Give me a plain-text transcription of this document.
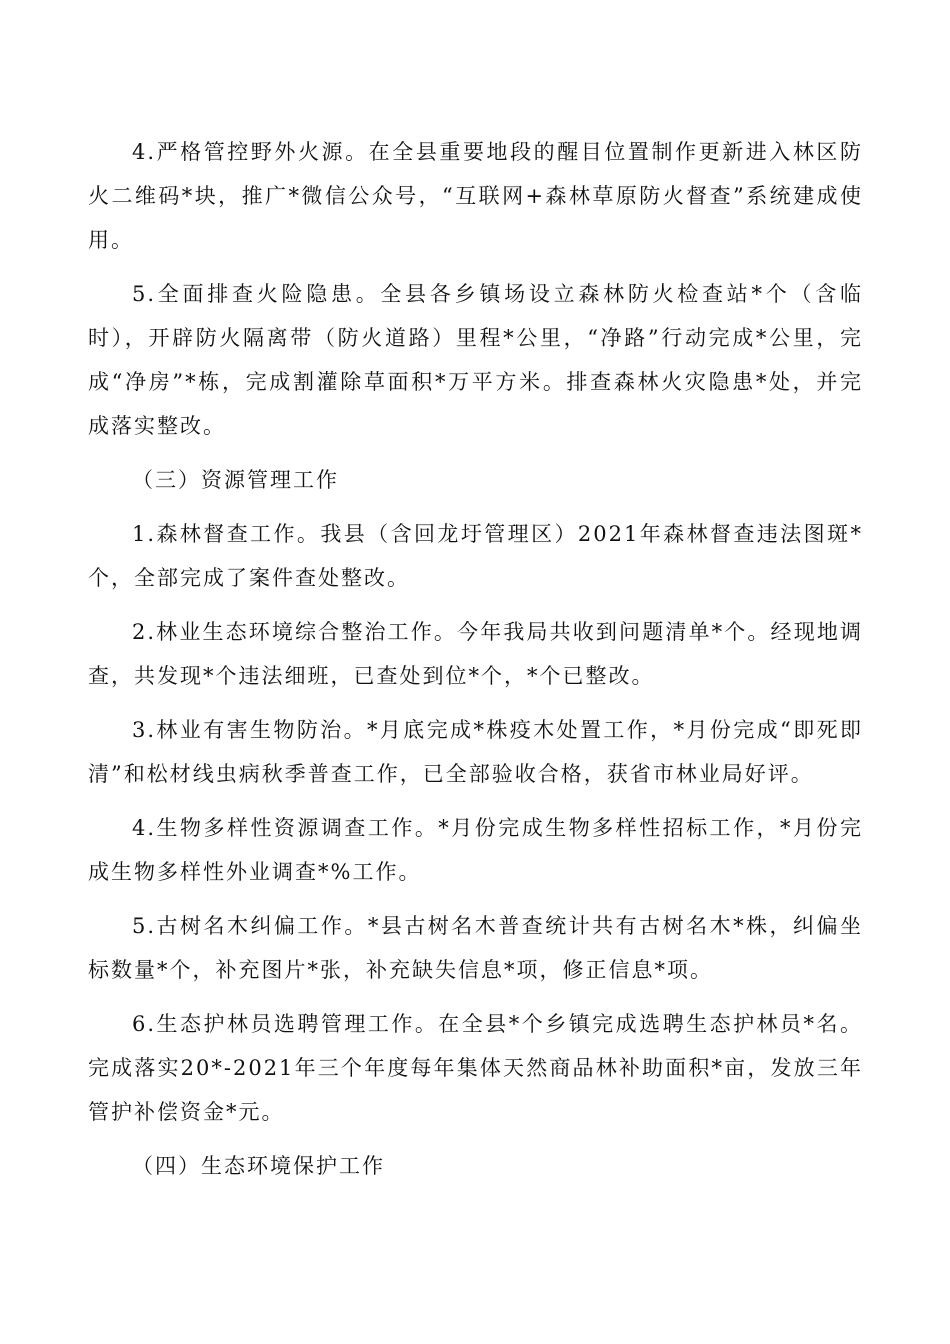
4.严格管控野外火源。在全县重要地段的醒目位置制作更新进入林区防火二维码*块，推广*微信公众号，“互联网+森林草原防火督查”系统建成使用。

5.全面排查火险隐患。全县各乡镇场设立森林防火检查站*个（含临时），开辟防火隔离带（防火道路）里程*公里，“净路”行动完成*公里，完成“净房”*栋，完成割灌除草面积*万平方米。排查森林火灾隐患*处，并完成落实整改。

（三）资源管理工作

1.森林督查工作。我县（含回龙圩管理区）2021年森林督查违法图斑*个，全部完成了案件查处整改。

2.林业生态环境综合整治工作。今年我局共收到问题清单*个。经现地调查，共发现*个违法细班，已查处到位*个，*个已整改。

3.林业有害生物防治。*月底完成*株疫木处置工作，*月份完成“即死即清”和松材线虫病秋季普查工作，已全部验收合格，获省市林业局好评。

4.生物多样性资源调查工作。*月份完成生物多样性招标工作，*月份完成生物多样性外业调查*%工作。

5.古树名木纠偏工作。*县古树名木普查统计共有古树名木*株，纠偏坐标数量*个，补充图片*张，补充缺失信息*项，修正信息*项。

6.生态护林员选聘管理工作。在全县*个乡镇完成选聘生态护林员*名。完成落实20*-2021年三个年度每年集体天然商品林补助面积*亩，发放三年管护补偿资金*元。

（四）生态环境保护工作
